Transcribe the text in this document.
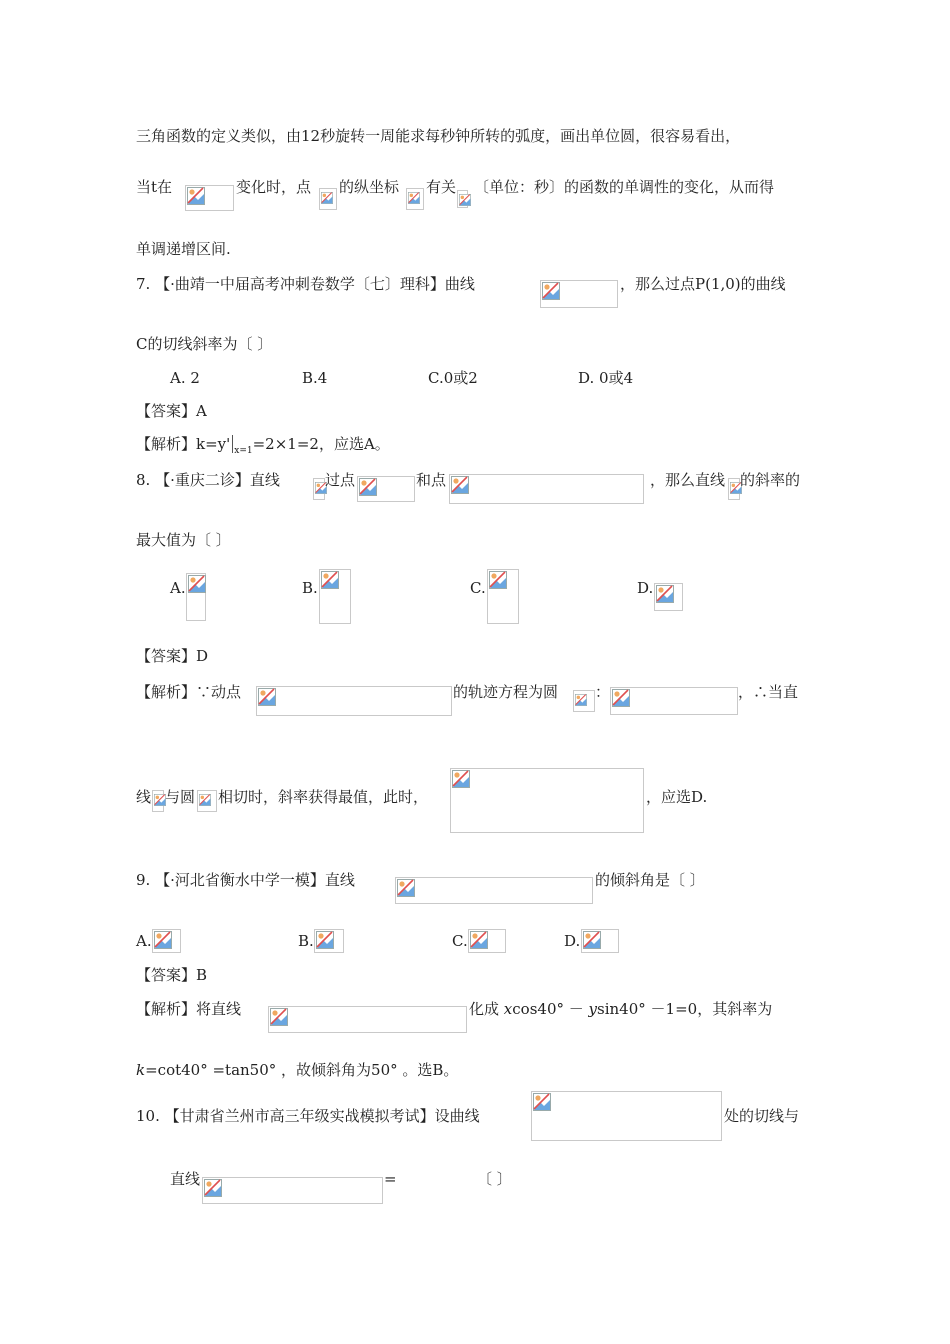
三角函数的定义类似，由12秒旋转一周能求每秒钟所转的弧度，画出单位圆，很容易看出，
当t在	变化时，点 的纵坐标 有关 〔单位：秒〕的函数的单调性的变化，从而得
单调递增区间.
7. 【·曲靖一中届高考冲刺卷数学〔七〕理科】曲线	，那么过点P(1,0)的曲线
C的切线斜率为〔 〕
A. 2	B.4	C.0或2	D. 0或4
【答案】A
【解析】k=y' $_{x=1}$=2×1=2，应选A。
8. 【·重庆二诊】直线	过点	和点	，那么直线 的斜率的
最大值为〔 〕
A.	B.	C.	D.
【答案】D
【解析】∵动点	的轨迹方程为圆 ：	，∴当直
线 与圆 相切时，斜率获得最值，此时，	，应选D.
9. 【·河北省衡水中学一模】直线	的倾斜角是〔 〕
A.	B.	C.	D.
【答案】B
【解析】将直线	化成 xcos40° － ysin40° －1=0，其斜率为
k=cot40° =tan50° ，故倾斜角为50° 。选B。
10. 【甘肃省兰州市高三年级实战模拟考试】设曲线	处的切线与
直线	=	〔 〕
